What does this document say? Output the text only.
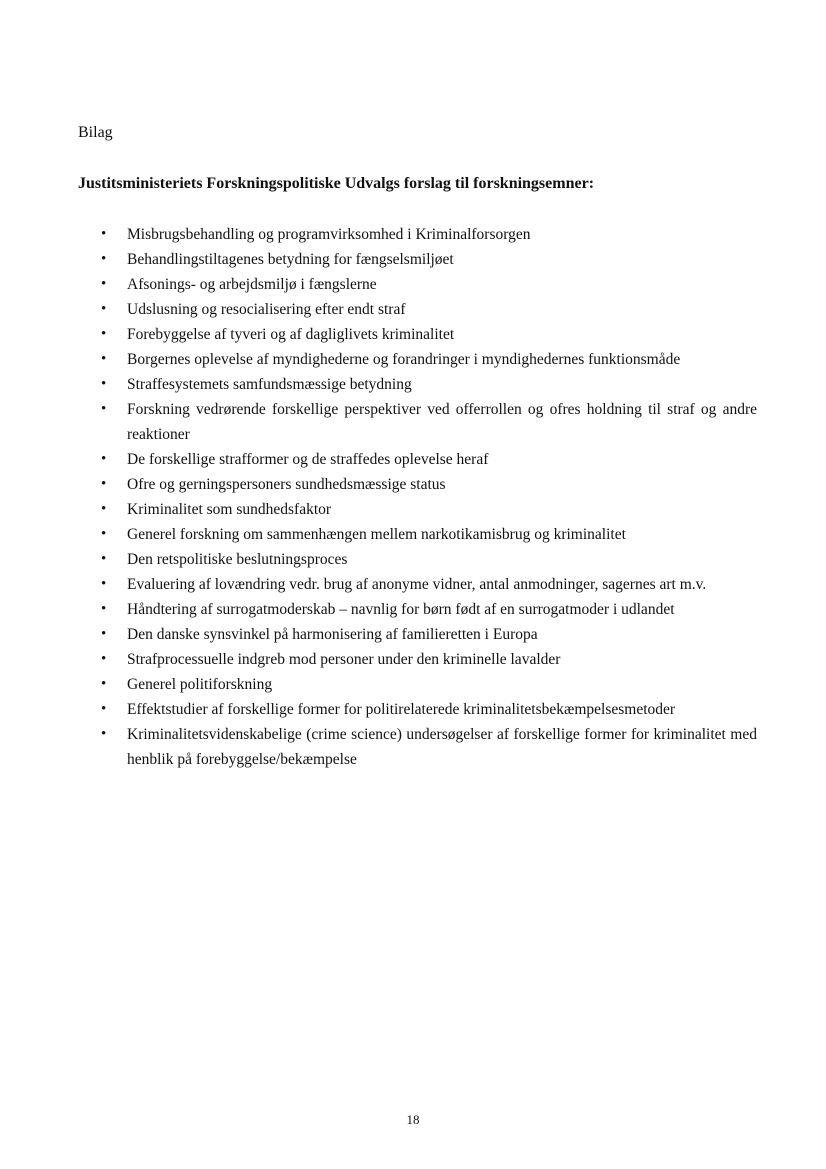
Bilag

Justitsministeriets Forskningspolitiske Udvalgs forslag til forskningsemner:

•	Misbrugsbehandling og programvirksomhed i Kriminalforsorgen
•	Behandlingstiltagenes betydning for fængselsmiljøet
•	Afsonings- og arbejdsmiljø i fængslerne
•	Udslusning og resocialisering efter endt straf
•	Forebyggelse af tyveri og af dagliglivets kriminalitet
•	Borgernes oplevelse af myndighederne og forandringer i myndighedernes funktionsmåde
•	Straffesystemets samfundsmæssige betydning
•	Forskning vedrørende forskellige perspektiver ved offerrollen og ofres holdning til straf og andre reaktioner
•	De forskellige strafformer og de straffedes oplevelse heraf
•	Ofre og gerningspersoners sundhedsmæssige status
•	Kriminalitet som sundhedsfaktor
•	Generel forskning om sammenhængen mellem narkotikamisbrug og kriminalitet
•	Den retspolitiske beslutningsproces
•	Evaluering af lovændring vedr. brug af anonyme vidner, antal anmodninger, sagernes art m.v.
•	Håndtering af surrogatmoderskab – navnlig for børn født af en surrogatmoder i udlandet
•	Den danske synsvinkel på harmonisering af familieretten i Europa
•	Strafprocessuelle indgreb mod personer under den kriminelle lavalder
•	Generel politiforskning
•	Effektstudier af forskellige former for politirelaterede kriminalitetsbekæmpelsesmetoder
•	Kriminalitetsvidenskabelige (crime science) undersøgelser af forskellige former for kriminalitet med henblik på forebyggelse/bekæmpelse

18
